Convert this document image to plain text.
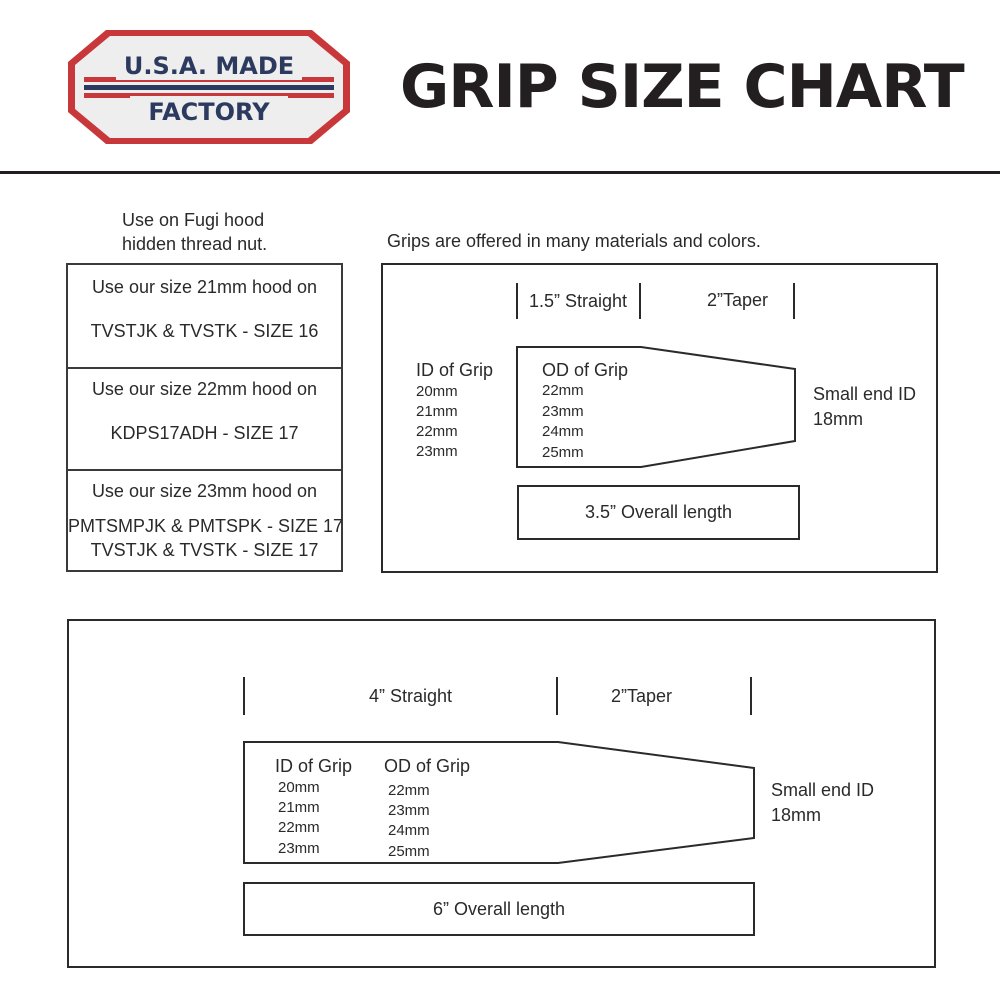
U.S.A. MADE
FACTORY GRIP SIZE CHART
Use on Fugi hood
hidden thread nut.
Use our size 21mm hood on
TVSTJK & TVSTK - SIZE 16
Use our size 22mm hood on
KDPS17ADH - SIZE 17
Use our size 23mm hood on
PMTSMPJK & PMTSPK - SIZE 17
TVSTJK & TVSTK - SIZE 17
Grips are offered in many materials and colors.
1.5” Straight	2”Taper
ID of Grip
20mm
21mm
22mm
23mm
OD of Grip
22mm
23mm
24mm
25mm
Small end ID
18mm
3.5” Overall length
4” Straight	2”Taper
ID of Grip
20mm
21mm
22mm
23mm
OD of Grip
22mm
23mm
24mm
25mm
Small end ID
18mm
6” Overall length
